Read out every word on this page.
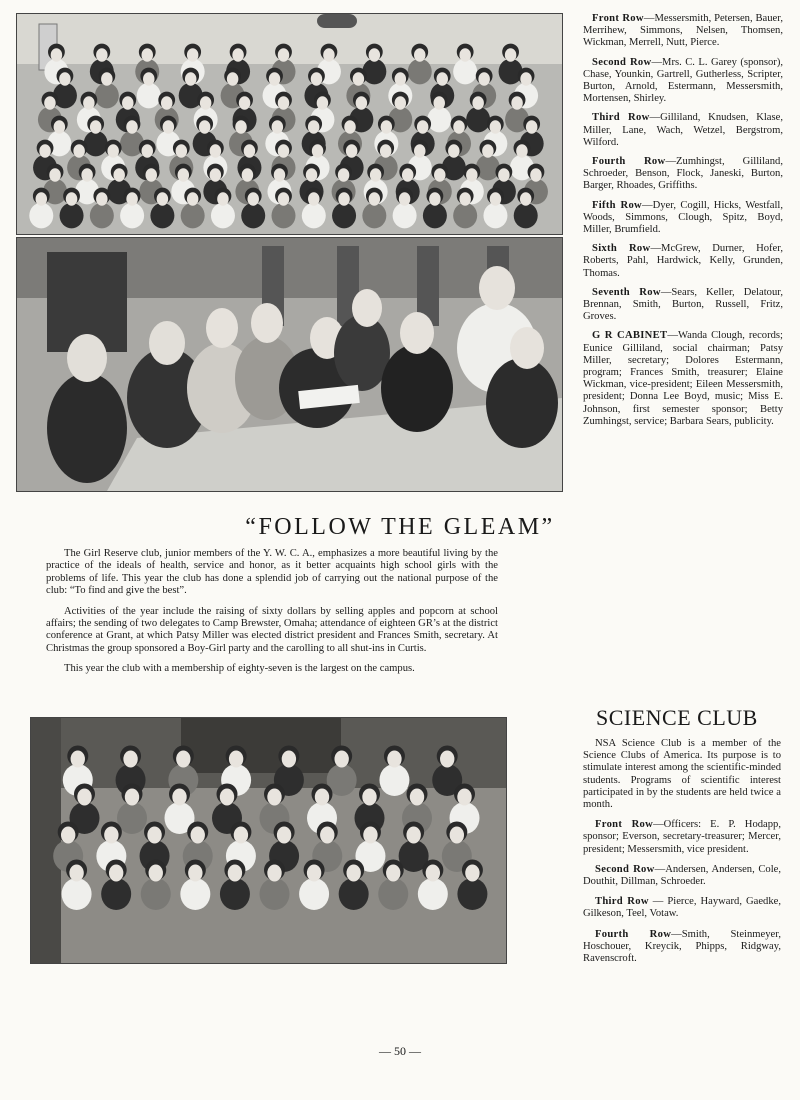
Front Row—Messersmith, Petersen, Bauer, Merrihew, Simmons, Nelsen, Thomsen, Wickman, Merrell, Nutt, Pierce.

Second Row—Mrs. C. L. Garey (sponsor), Chase, Younkin, Gartrell, Gutherless, Scripter, Burton, Arnold, Estermann, Messersmith, Mortensen, Shirley.

Third Row—Gilliland, Knudsen, Klase, Miller, Lane, Wach, Wetzel, Bergstrom, Wilford.

Fourth Row—Zumhingst, Gilliland, Schroeder, Benson, Flock, Janeski, Burton, Barger, Rhoades, Griffiths.

Fifth Row—Dyer, Cogill, Hicks, Westfall, Woods, Simmons, Clough, Spitz, Boyd, Miller, Brumfield.

Sixth Row—McGrew, Durner, Hofer, Roberts, Pahl, Hardwick, Kelly, Grunden, Thomas.

Seventh Row—Sears, Keller, Delatour, Brennan, Smith, Burton, Russell, Fritz, Groves.

G R CABINET—Wanda Clough, records; Eunice Gilliland, social chairman; Patsy Miller, secretary; Dolores Estermann, program; Frances Smith, treasurer; Elaine Wickman, vice-president; Eileen Messersmith, president; Donna Lee Boyd, music; Miss E. Johnson, first semester sponsor; Betty Zumhingst, service; Barbara Sears, publicity.

“FOLLOW THE GLEAM”

The Girl Reserve club, junior members of the Y. W. C. A., emphasizes a more beautiful living by the practice of the ideals of health, service and honor, as it better acquaints high school girls with the problems of life. This year the club has done a splendid job of carrying out the national purpose of the club: “To find and give the best”.

Activities of the year include the raising of sixty dollars by selling apples and popcorn at school affairs; the sending of two delegates to Camp Brewster, Omaha; attendance of eighteen GR’s at the district conference at Grant, at which Patsy Miller was elected district president and Frances Smith, secretary. At Christmas the group sponsored a Boy-Girl party and the carolling to all shut-ins in Curtis.

This year the club with a membership of eighty-seven is the largest on the campus.

SCIENCE CLUB

NSA Science Club is a member of the Science Clubs of America. Its purpose is to stimulate interest among the scientific-minded students. Programs of scientific interest participated in by the students are held twice a month.

Front Row—Officers: E. P. Hodapp, sponsor; Everson, secretary-treasurer; Mercer, president; Messersmith, vice president.

Second Row—Andersen, Andersen, Cole, Douthit, Dillman, Schroeder.

Third Row — Pierce, Hayward, Gaedke, Gilkeson, Teel, Votaw.

Fourth Row—Smith, Steinmeyer, Hoschouer, Kreycik, Phipps, Ridgway, Ravenscroft.

— 50 —
